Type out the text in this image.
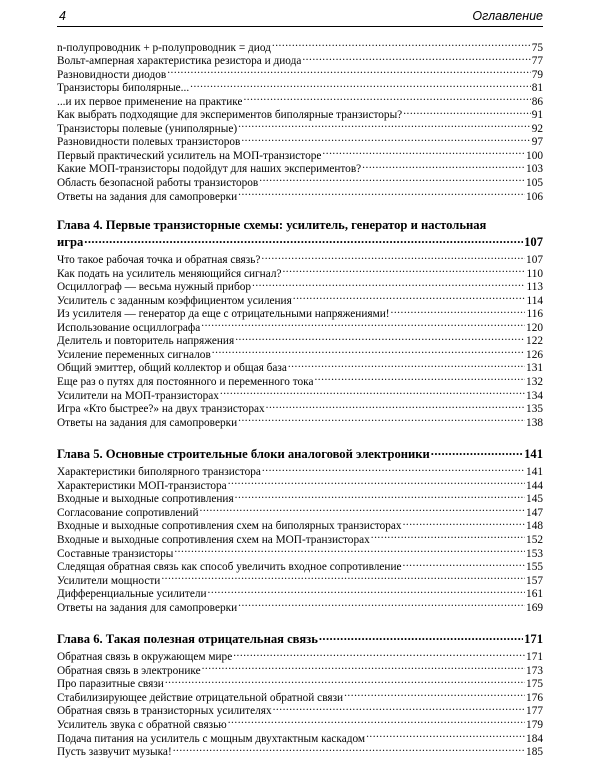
4	Оглавление
n-полупроводник + р-полупроводник = диод .....	75
Вольт-амперная характеристика резистора и диода .....	77
Разновидности диодов .....	79
Транзисторы биполярные... .....	81
...и их первое применение на практике .....	86
Как выбрать подходящие для экспериментов биполярные транзисторы? .....	91
Транзисторы полевые (униполярные) .....	92
Разновидности полевых транзисторов .....	97
Первый практический усилитель на МОП-транзисторе .....	100
Какие МОП-транзисторы подойдут для наших экспериментов? .....	103
Область безопасной работы транзисторов .....	105
Ответы на задания для самопроверки .....	106
Глава 4. Первые транзисторные схемы: усилитель, генератор и настольная
игра .....	107
Что такое рабочая точка и обратная связь? .....	107
Как подать на усилитель меняющийся сигнал? .....	110
Осциллограф — весьма нужный прибор .....	113
Усилитель с заданным коэффициентом усиления .....	114
Из усилителя — генератор да еще с отрицательными напряжениями! .....	116
Использование осциллографа .....	120
Делитель и повторитель напряжения .....	122
Усиление переменных сигналов .....	126
Общий эмиттер, общий коллектор и общая база .....	131
Еще раз о путях для постоянного и переменного тока .....	132
Усилители на МОП-транзисторах .....	134
Игра «Кто быстрее?» на двух транзисторах .....	135
Ответы на задания для самопроверки .....	138
Глава 5. Основные строительные блоки аналоговой электроники .....	141
Характеристики биполярного транзистора .....	141
Характеристики МОП-транзистора .....	144
Входные и выходные сопротивления .....	145
Согласование сопротивлений .....	147
Входные и выходные сопротивления схем на биполярных транзисторах .....	148
Входные и выходные сопротивления схем на МОП-транзисторах .....	152
Составные транзисторы .....	153
Следящая обратная связь как способ увеличить входное сопротивление .....	155
Усилители мощности .....	157
Дифференциальные усилители .....	161
Ответы на задания для самопроверки .....	169
Глава 6. Такая полезная отрицательная связь .....	171
Обратная связь в окружающем мире .....	171
Обратная связь в электронике .....	173
Про паразитные связи .....	175
Стабилизирующее действие отрицательной обратной связи .....	176
Обратная связь в транзисторных усилителях .....	177
Усилитель звука с обратной связью .....	179
Подача питания на усилитель с мощным двухтактным каскадом .....	184
Пусть зазвучит музыка! .....	185
